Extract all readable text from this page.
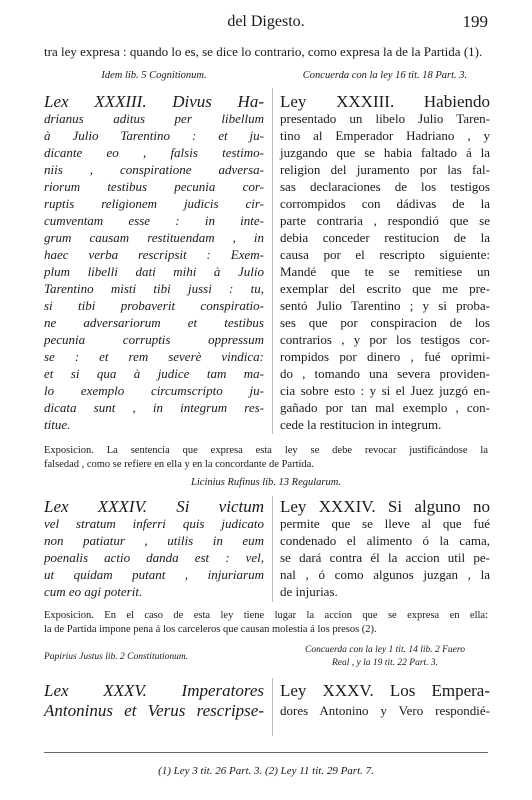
del Digesto.	199
tra ley expresa : quando lo es, se dice lo contrario, como expresa la de la Partida (1).
Idem lib. 5 Cognitionum.	Concuerda con la ley 16 tit. 18 Part. 3.
Lex XXXIII. Divus Ha-
drianus aditus per libellum
à Julio Tarentino : et ju-
dicante eo , falsis testimo-
niis , conspiratione adversa-
riorum testibus pecunia cor-
ruptis religionem judicis cir-
cumventam esse : in inte-
grum causam restituendam , in
haec verba rescripsit : Exem-
plum libelli dati mihi à Julio
Tarentino misti tibi jussi : tu,
si tibi probaverit conspiratio-
ne adversariorum et testibus
pecunia corruptis oppressum
se : et rem severè vindica:
et si qua à judice tam ma-
lo exemplo circumscripto ju-
dicata sunt , in integrum res-
titue.
Ley XXXIII. Habiendo
presentado un libelo Julio Taren-
tino al Emperador Hadriano , y
juzgando que se habia faltado á la
religion del juramento por las fal-
sas declaraciones de los testigos
corrompidos con dádivas de la
parte contraria , respondió que se
debia conceder restitucion de la
causa por el rescripto siguiente:
Mandé que te se remitiese un
exemplar del escrito que me pre-
sentó Julio Tarentino ; y si proba-
ses que por conspiracion de los
contrarios , y por los testigos cor-
rompidos por dinero , fué oprimi-
do , tomando una severa providen-
cia sobre esto : y si el Juez juzgó en-
gañado por tan mal exemplo , con-
cede la restitucion in integrum.
Exposicion. La sentencia que expresa esta ley se debe revocar justificándose la
falsedad , como se refiere en ella y en la concordante de Partida.
Licinius Rufinus lib. 13 Regularum.
Lex XXXIV. Si victum
vel stratum inferri quis judicato
non patiatur , utilis in eum
poenalis actio danda est : vel,
ut quidam putant , injuriarum
cum eo agi poterit.
Ley XXXIV. Si alguno no
permite que se lleve al que fué
condenado el alimento ó la cama,
se dará contra él la accion util pe-
nal , ó como algunos juzgan , la
de injurias.
Exposicion. En el caso de esta ley tiene lugar la accion que se expresa en ella:
la de Partida impone pena á los carceleros que causan molestia á los presos (2).
Papirius Justus lib. 2 Constitutionum.
Concuerda con la ley 1 tit. 14 lib. 2 Fuero
Real , y la 19 tit. 22 Part. 3.
Lex XXXV. Imperatores
Antoninus et Verus rescripse-
Ley XXXV. Los Empera-
dores Antonino y Vero respondié-
(1) Ley 3 tit. 26 Part. 3. (2) Ley 11 tit. 29 Part. 7.
